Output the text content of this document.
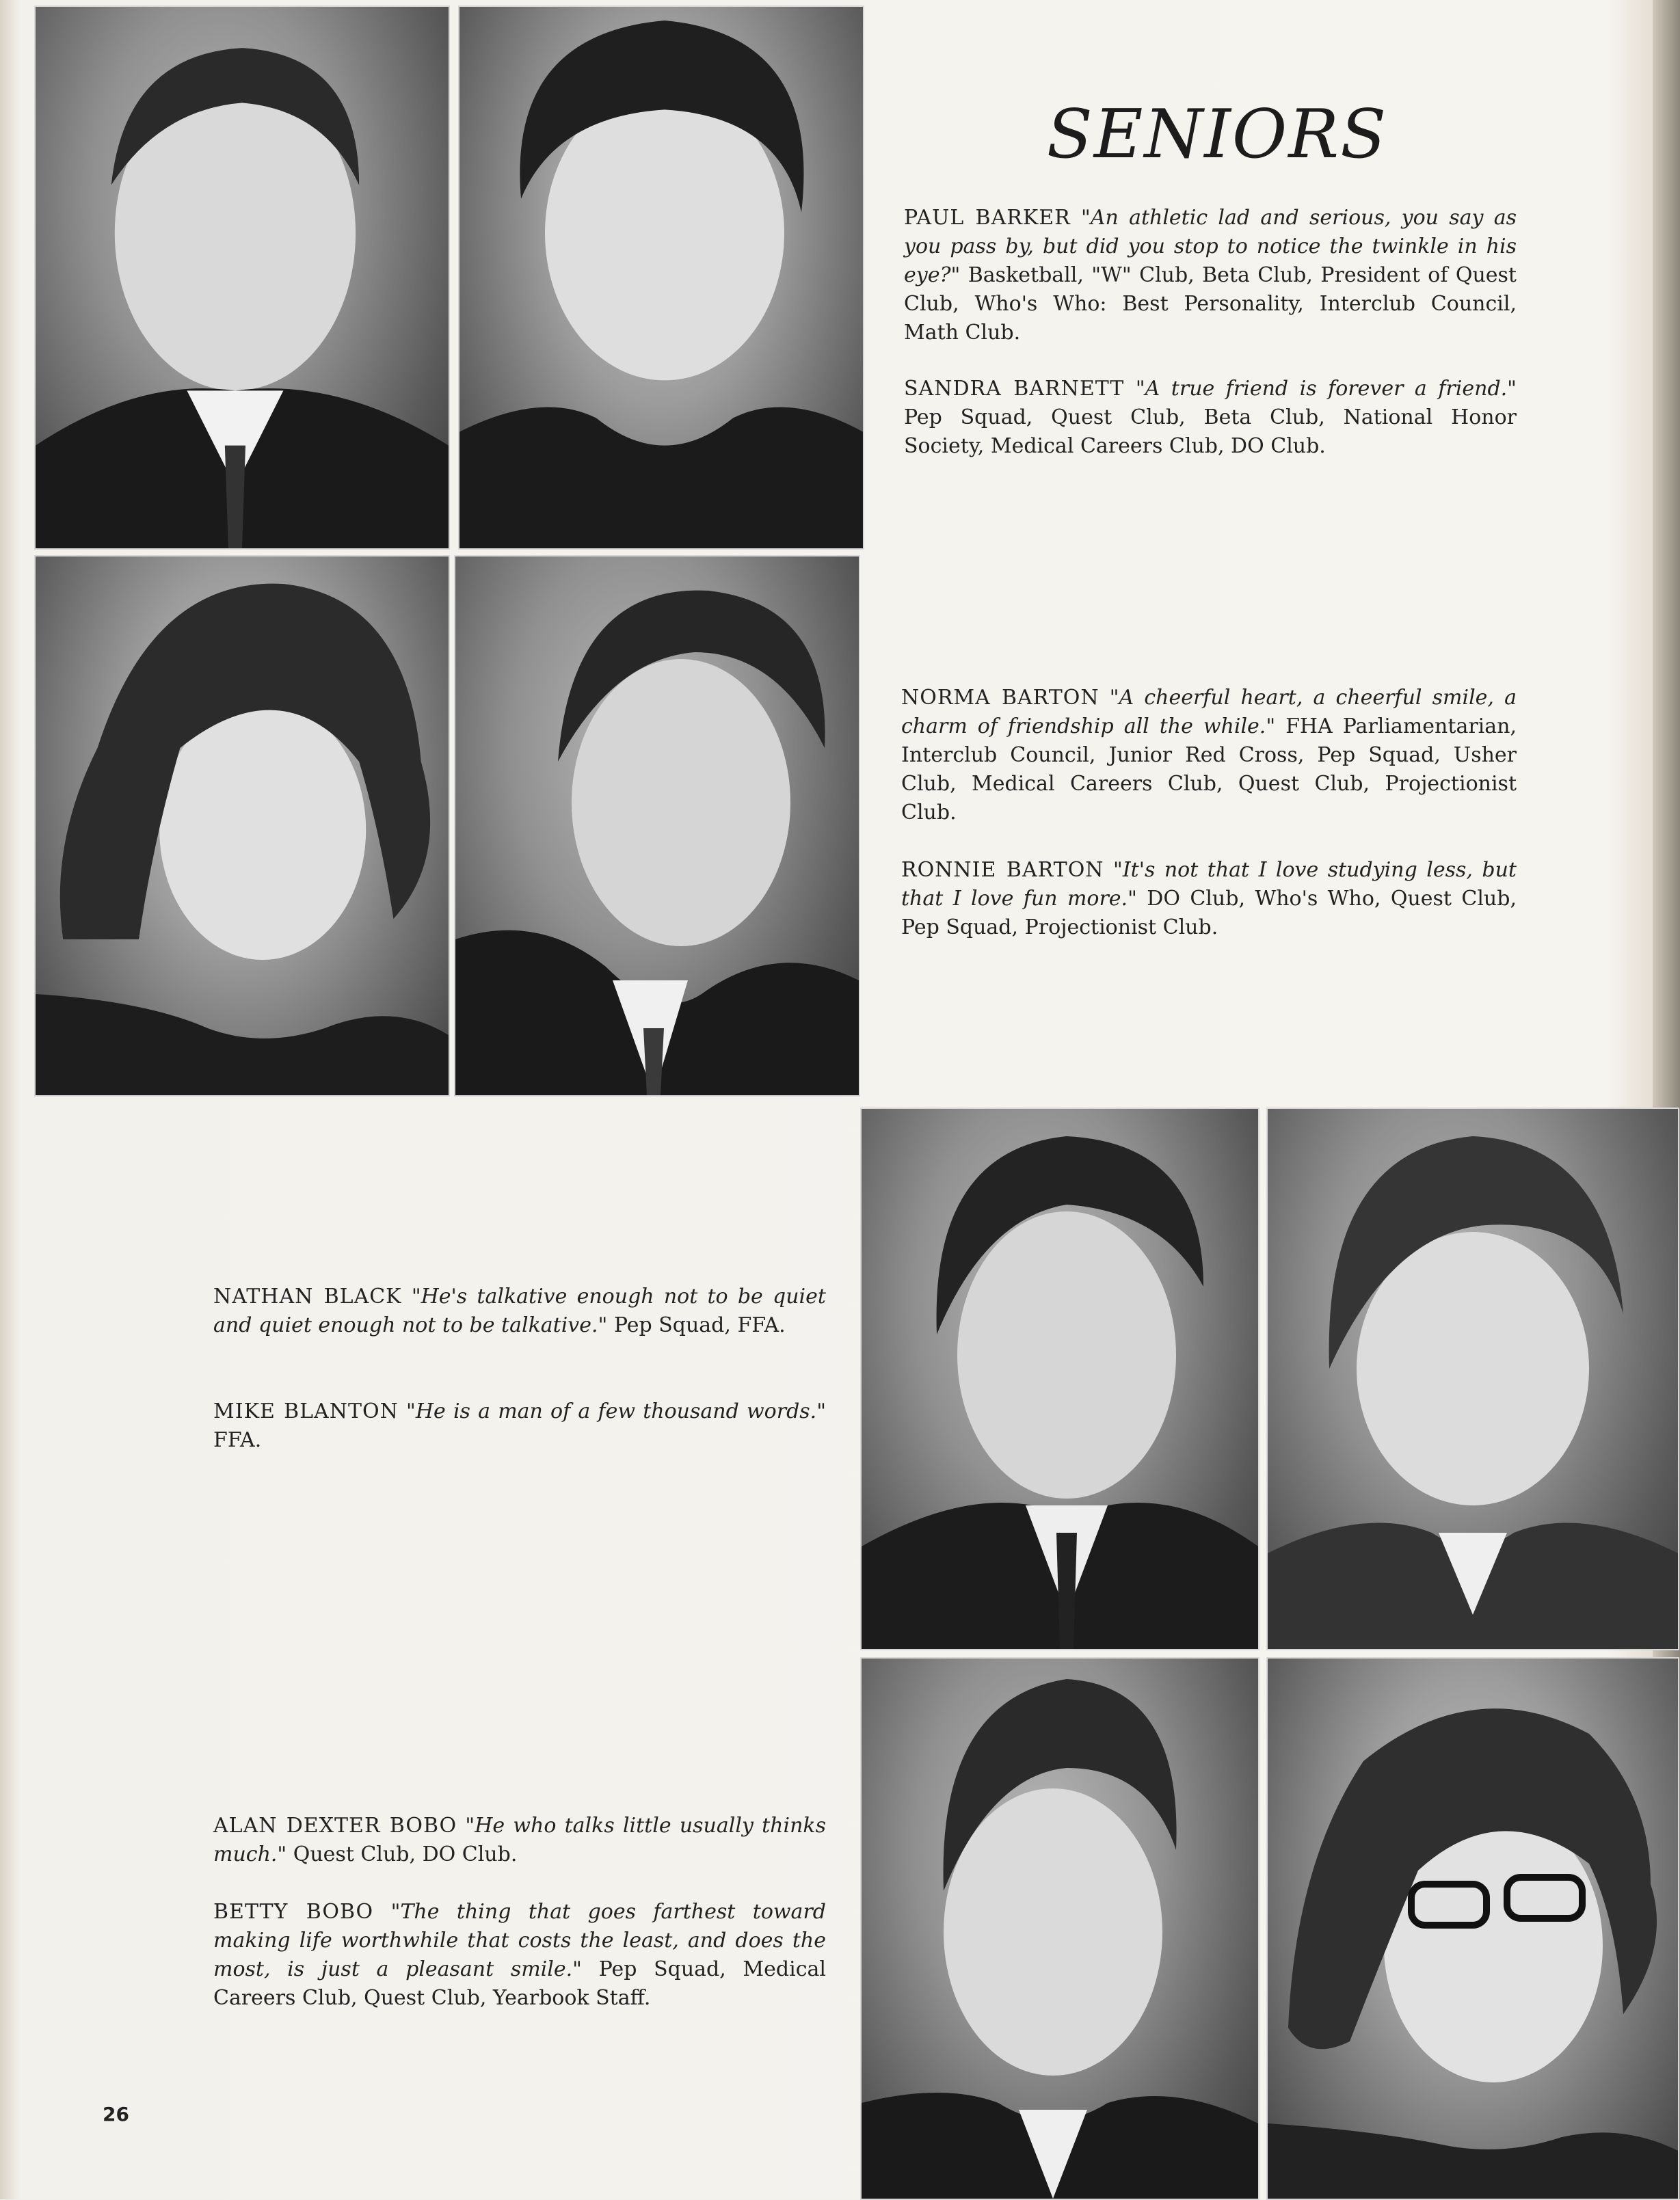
SENIORS
PAUL BARKER "An athletic lad and serious, you say as you pass by, but did you stop to notice the twinkle in his eye?" Basketball, "W" Club, Beta Club, President of Quest Club, Who's Who: Best Personality, Interclub Council, Math Club.
SANDRA BARNETT "A true friend is forever a friend." Pep Squad, Quest Club, Beta Club, National Honor Society, Medical Careers Club, DO Club.
NORMA BARTON "A cheerful heart, a cheerful smile, a charm of friendship all the while." FHA Parliamentarian, Interclub Council, Junior Red Cross, Pep Squad, Usher Club, Medical Careers Club, Quest Club, Projectionist Club.
RONNIE BARTON "It's not that I love studying less, but that I love fun more." DO Club, Who's Who, Quest Club, Pep Squad, Projectionist Club.
NATHAN BLACK "He's talkative enough not to be quiet and quiet enough not to be talkative." Pep Squad, FFA.
MIKE BLANTON "He is a man of a few thousand words." FFA.
ALAN DEXTER BOBO "He who talks little usually thinks much." Quest Club, DO Club.
BETTY BOBO "The thing that goes farthest toward making life worthwhile that costs the least, and does the most, is just a pleasant smile." Pep Squad, Medical Careers Club, Quest Club, Yearbook Staff.
26
